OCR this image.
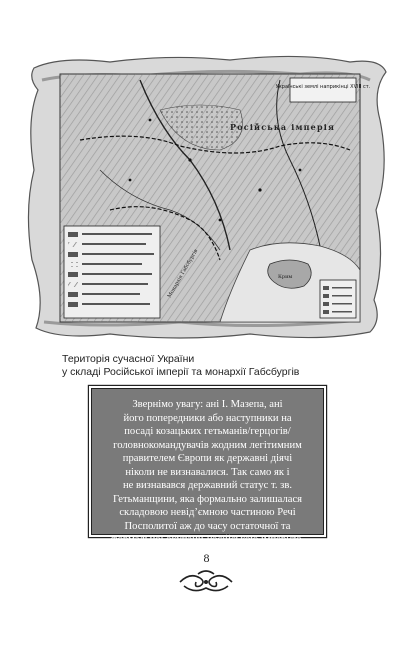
Українські землі наприкінці XVIII ст.
Російська імперія
Крим
Монархія Габсбургів
Територія сучасної України
у складі Російської імперії та монархії Габсбургів
Звернімо увагу: ані І. Мазепа, ані
його попередники або наступники на
посаді козацьких гетьманів/герцогів/
головнокомандувачів жодним легітимним
правителем Європи як державні діячі
ніколи не визнавалися. Так само як і
не визнавався державний статус т. зв.
Гетьманщини, яка формально залишалася
складовою невід’ємною частиною Речі
Посполитої аж до часу остаточної та
формальної окупації Російською імперією.
8
